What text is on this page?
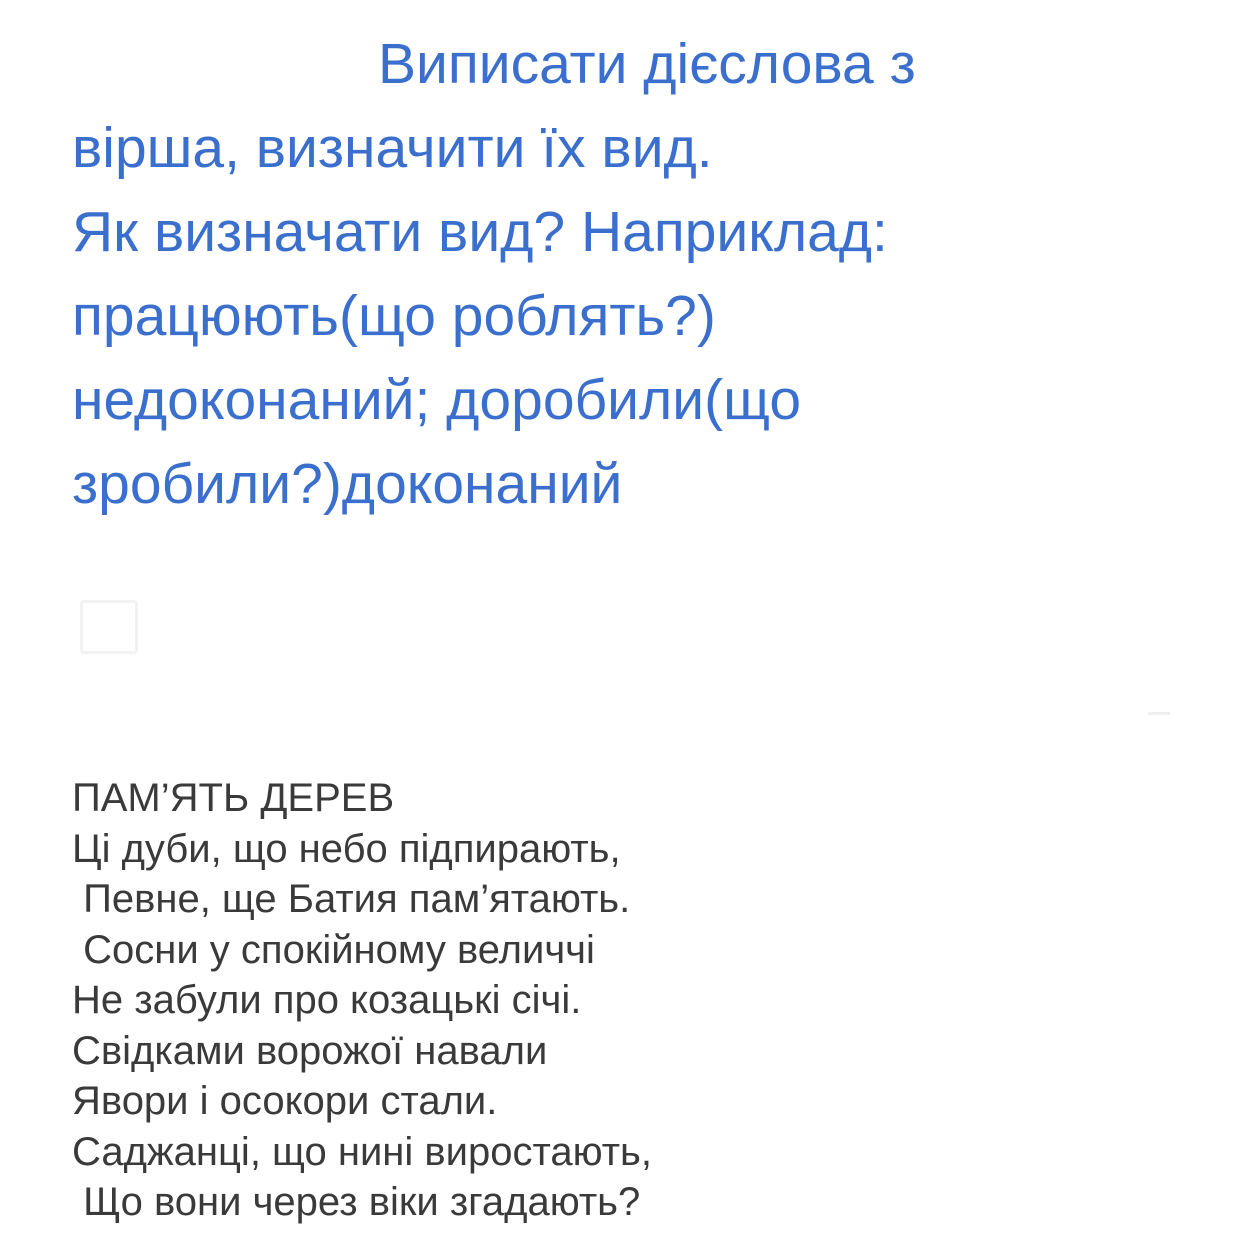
Виписати дієслова з
вірша, визначити їх вид.
Як визначати вид? Наприклад:
працюють(що роблять?)
недоконаний; доробили(що
зробили?)доконаний
ПАМ’ЯТЬ ДЕРЕВ
Ці дуби, що небо підпирають,
Певне, ще Батия пам’ятають.
Сосни у спокійному величчі
Не забули про козацькі січі.
Свідками ворожої навали
Явори і осокори стали.
Саджанці, що нині виростають,
Що вони через віки згадають?
